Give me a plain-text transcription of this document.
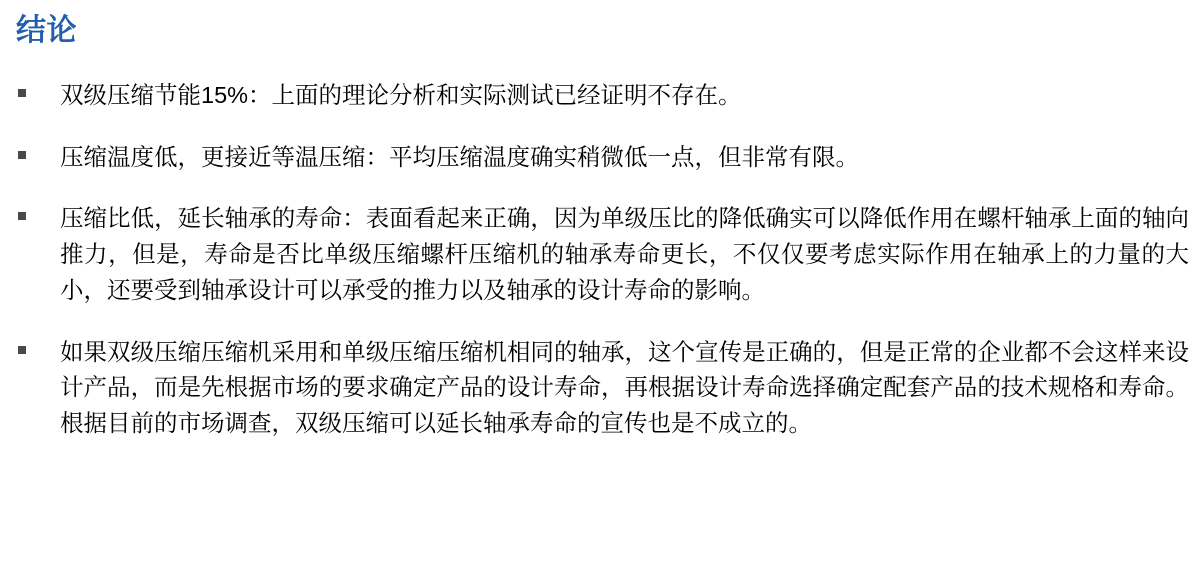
结论
双级压缩节能15%：上面的理论分析和实际测试已经证明不存在。
压缩温度低，更接近等温压缩：平均压缩温度确实稍微低一点，但非常有限。
压缩比低，延长轴承的寿命：表面看起来正确，因为单级压比的降低确实可以降低作用在螺杆轴承上面的轴向推力，但是，寿命是否比单级压缩螺杆压缩机的轴承寿命更长，不仅仅要考虑实际作用在轴承上的力量的大小，还要受到轴承设计可以承受的推力以及轴承的设计寿命的影响。
如果双级压缩压缩机采用和单级压缩压缩机相同的轴承，这个宣传是正确的，但是正常的企业都不会这样来设计产品，而是先根据市场的要求确定产品的设计寿命，再根据设计寿命选择确定配套产品的技术规格和寿命。根据目前的市场调查，双级压缩可以延长轴承寿命的宣传也是不成立的。
